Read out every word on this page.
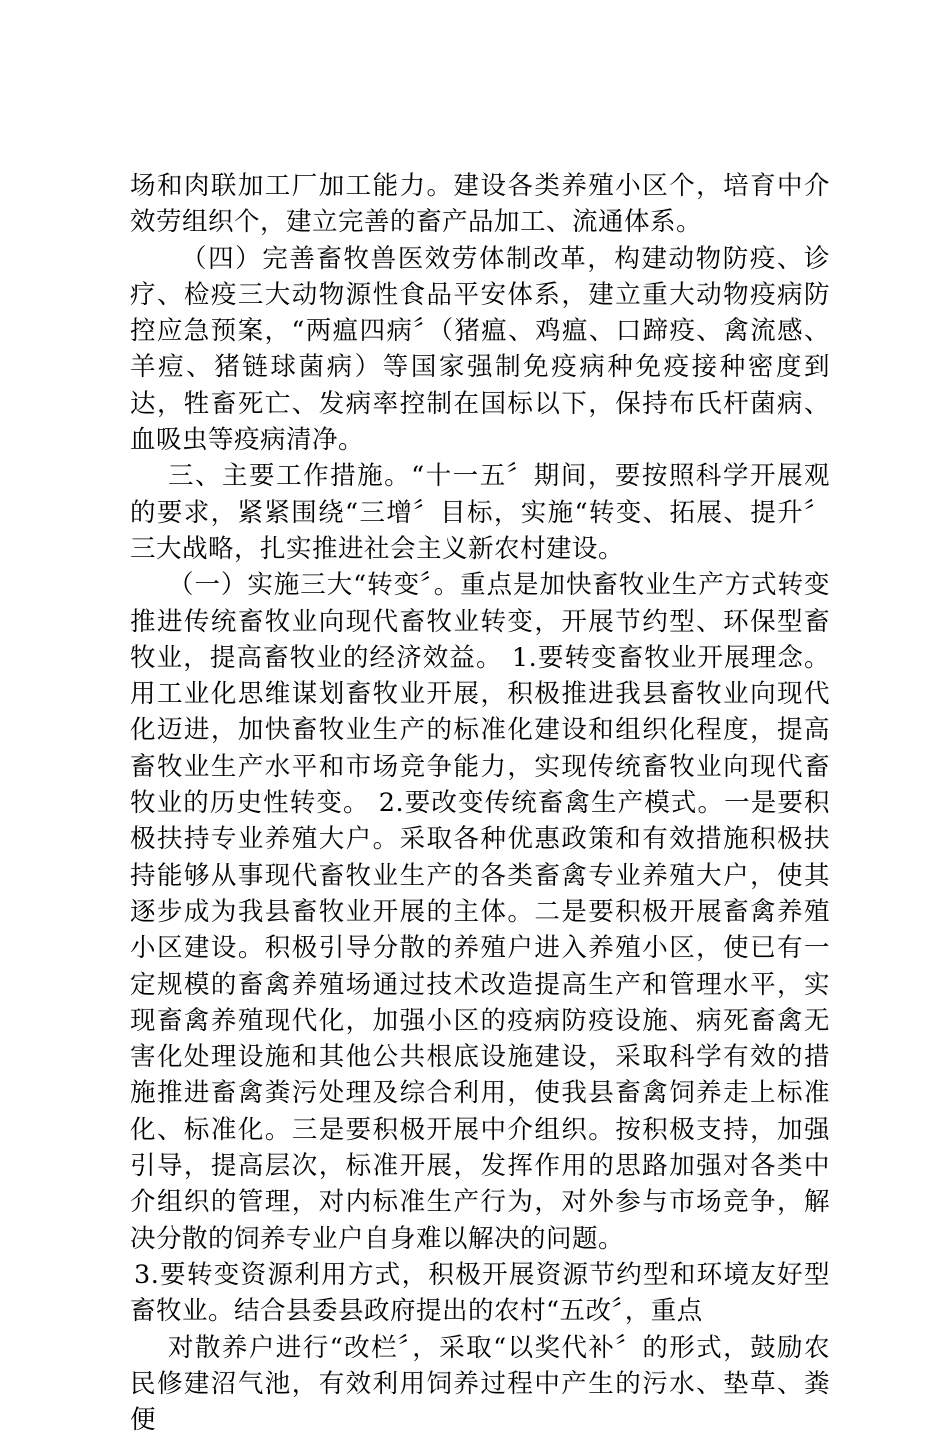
场和肉联加工厂加工能力。建设各类养殖小区个，培育中介效劳组织个，建立完善的畜产品加工、流通体系。

（四）完善畜牧兽医效劳体制改革，构建动物防疫、诊疗、检疫三大动物源性食品平安体系，建立重大动物疫病防控应急预案，“两瘟四病〞（猪瘟、鸡瘟、口蹄疫、禽流感、羊痘、猪链球菌病）等国家强制免疫病种免疫接种密度到达，牲畜死亡、发病率控制在国标以下，保持布氏杆菌病、血吸虫等疫病清净。

三、主要工作措施。“十一五〞期间，要按照科学开展观的要求，紧紧围绕“三增〞目标，实施“转变、拓展、提升〞三大战略，扎实推进社会主义新农村建设。

（一）实施三大“转变〞。重点是加快畜牧业生产方式转变推进传统畜牧业向现代畜牧业转变，开展节约型、环保型畜牧业，提高畜牧业的经济效益。 1.要转变畜牧业开展理念。用工业化思维谋划畜牧业开展，积极推进我县畜牧业向现代化迈进，加快畜牧业生产的标准化建设和组织化程度，提高畜牧业生产水平和市场竞争能力，实现传统畜牧业向现代畜牧业的历史性转变。 2.要改变传统畜禽生产模式。一是要积极扶持专业养殖大户。采取各种优惠政策和有效措施积极扶持能够从事现代畜牧业生产的各类畜禽专业养殖大户，使其逐步成为我县畜牧业开展的主体。二是要积极开展畜禽养殖小区建设。积极引导分散的养殖户进入养殖小区，使已有一定规模的畜禽养殖场通过技术改造提高生产和管理水平，实现畜禽养殖现代化，加强小区的疫病防疫设施、病死畜禽无害化处理设施和其他公共根底设施建设，采取科学有效的措施推进畜禽粪污处理及综合利用，使我县畜禽饲养走上标准化、标准化。三是要积极开展中介组织。按积极支持，加强引导，提高层次，标准开展，发挥作用的思路加强对各类中介组织的管理，对内标准生产行为，对外参与市场竞争，解决分散的饲养专业户自身难以解决的问题。

3.要转变资源利用方式，积极开展资源节约型和环境友好型畜牧业。结合县委县政府提出的农村“五改〞，重点

对散养户进行“改栏〞，采取“以奖代补〞的形式，鼓励农民修建沼气池，有效利用饲养过程中产生的污水、垫草、粪便
